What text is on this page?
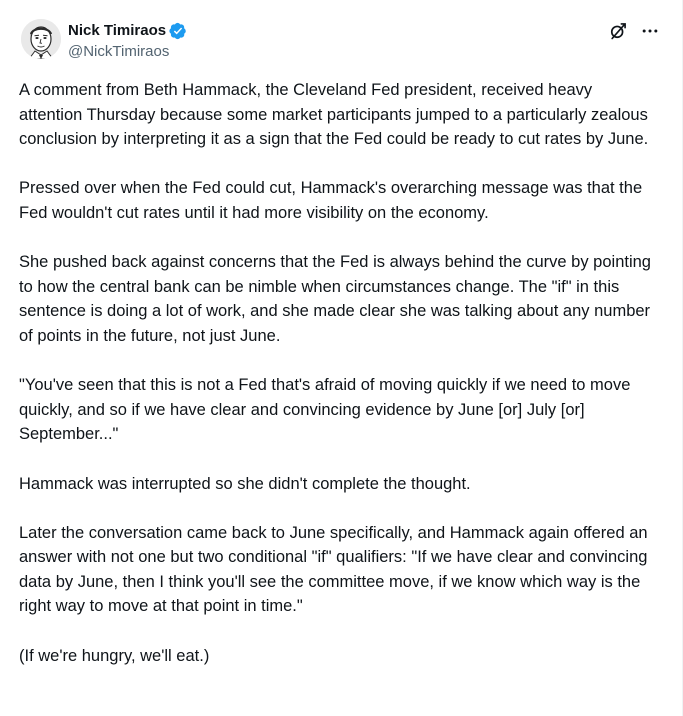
Nick Timiraos
@NickTimiraos

A comment from Beth Hammack, the Cleveland Fed president, received heavy attention Thursday because some market participants jumped to a particularly zealous conclusion by interpreting it as a sign that the Fed could be ready to cut rates by June.

Pressed over when the Fed could cut, Hammack's overarching message was that the Fed wouldn't cut rates until it had more visibility on the economy.

She pushed back against concerns that the Fed is always behind the curve by pointing to how the central bank can be nimble when circumstances change. The "if" in this sentence is doing a lot of work, and she made clear she was talking about any number of points in the future, not just June.

"You've seen that this is not a Fed that's afraid of moving quickly if we need to move quickly, and so if we have clear and convincing evidence by June [or] July [or] September..."

Hammack was interrupted so she didn't complete the thought.

Later the conversation came back to June specifically, and Hammack again offered an answer with not one but two conditional "if" qualifiers: "If we have clear and convincing data by June, then I think you'll see the committee move, if we know which way is the right way to move at that point in time."

(If we're hungry, we'll eat.)
